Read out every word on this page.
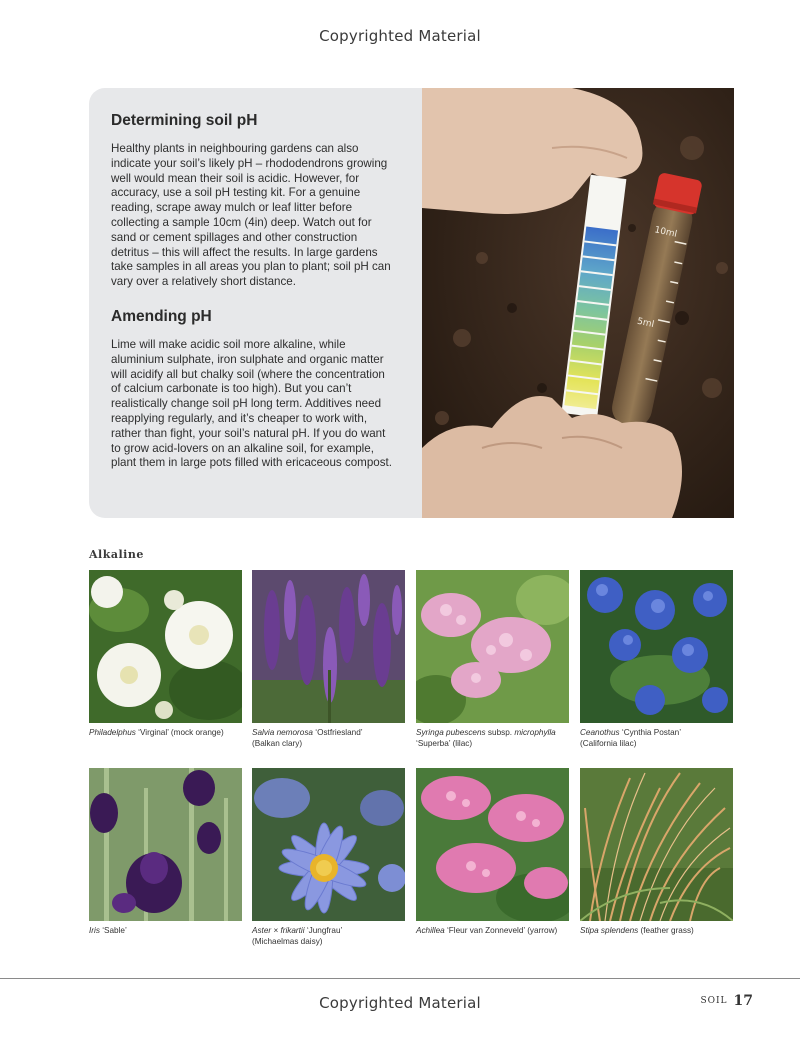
Copyrighted Material
Determining soil pH

Healthy plants in neighbouring gardens can also indicate your soil’s likely pH – rhododendrons growing well would mean their soil is acidic. However, for accuracy, use a soil pH testing kit. For a genuine reading, scrape away mulch or leaf litter before collecting a sample 10cm (4in) deep. Watch out for sand or cement spillages and other construction detritus – this will affect the results. In large gardens take samples in all areas you plan to plant; soil pH can vary over a relatively short distance.

Amending pH

Lime will make acidic soil more alkaline, while aluminium sulphate, iron sulphate and organic matter will acidify all but chalky soil (where the concentration of calcium carbonate is too high). But you can’t realistically change soil pH long term. Additives need reapplying regularly, and it’s cheaper to work with, rather than fight, your soil’s natural pH. If you do want to grow acid-lovers on an alkaline soil, for example, plant them in large pots filled with ericaceous compost.

10ml
5ml
Alkaline
Philadelphus ‘Virginal’ (mock orange)	Salvia nemorosa ‘Ostfriesland’
(Balkan clary)
Syringa pubescens subsp. microphylla
‘Superba’ (lilac)
Ceanothus ‘Cynthia Postan’
(California lilac)
Iris ‘Sable’	Aster × frikartii ‘Jungfrau’
(Michaelmas daisy)
Achillea ‘Fleur van Zonneveld’ (yarrow)	Stipa splendens (feather grass)
Copyrighted Material	SOIL 17
